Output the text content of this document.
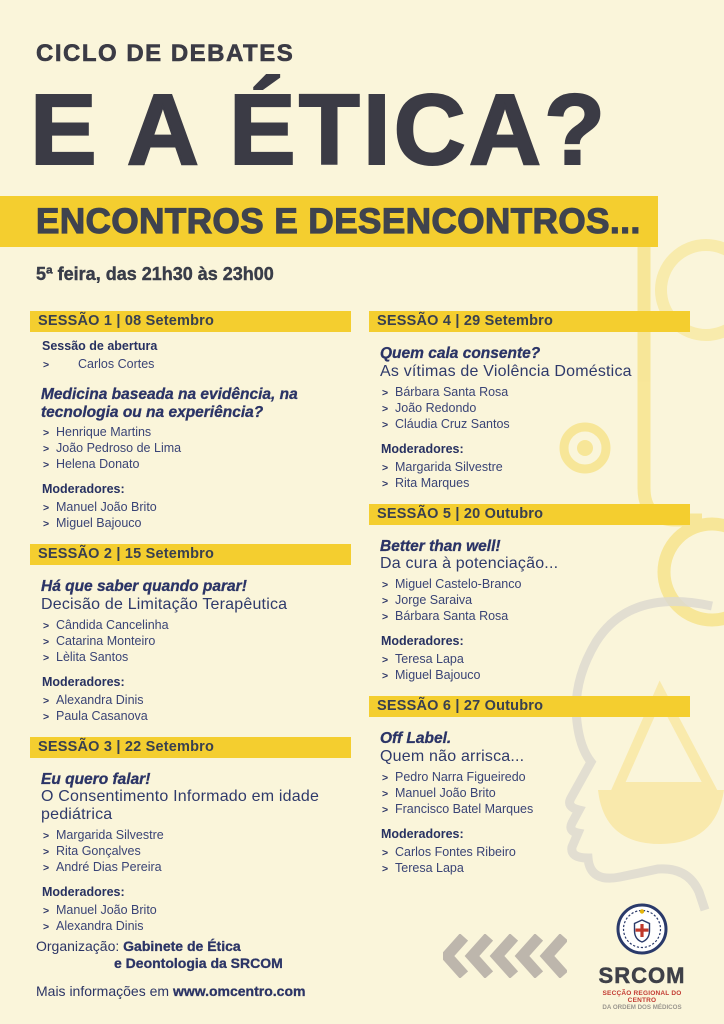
CICLO DE DEBATES
E A ÉTICA?
ENCONTROS E DESENCONTROS...
5ª feira, das 21h30 às 23h00
SESSÃO 1 | 08 Setembro
Sessão de abertura
>	Carlos Cortes
Medicina baseada na evidência, na tecnologia ou na experiência?
> Henrique Martins
> João Pedroso de Lima
> Helena Donato
Moderadores:
> Manuel João Brito
> Miguel Bajouco
SESSÃO 2 | 15 Setembro
Há que saber quando parar!
Decisão de Limitação Terapêutica
> Cândida Cancelinha
> Catarina Monteiro
> Lèlita Santos
Moderadores:
> Alexandra Dinis
> Paula Casanova
SESSÃO 3 | 22 Setembro
Eu quero falar!
O Consentimento Informado em idade pediátrica
> Margarida Silvestre
> Rita Gonçalves
> André Dias Pereira
Moderadores:
> Manuel João Brito
> Alexandra Dinis
SESSÃO 4 | 29 Setembro
Quem cala consente?
As vítimas de Violência Doméstica
> Bárbara Santa Rosa
> João Redondo
> Cláudia Cruz Santos
Moderadores:
> Margarida Silvestre
> Rita Marques
SESSÃO 5 | 20 Outubro
Better than well!
Da cura à potenciação...
> Miguel Castelo-Branco
> Jorge Saraiva
> Bárbara Santa Rosa
Moderadores:
> Teresa Lapa
> Miguel Bajouco
SESSÃO 6 | 27 Outubro
Off Label.
Quem não arrisca...
> Pedro Narra Figueiredo
> Manuel João Brito
> Francisco Batel Marques
Moderadores:
> Carlos Fontes Ribeiro
> Teresa Lapa
Organização: Gabinete de Ética
e Deontologia da SRCOM
Mais informações em www.omcentro.com
SRCOM
SECÇÃO REGIONAL DO CENTRO
DA ORDEM DOS MÉDICOS
